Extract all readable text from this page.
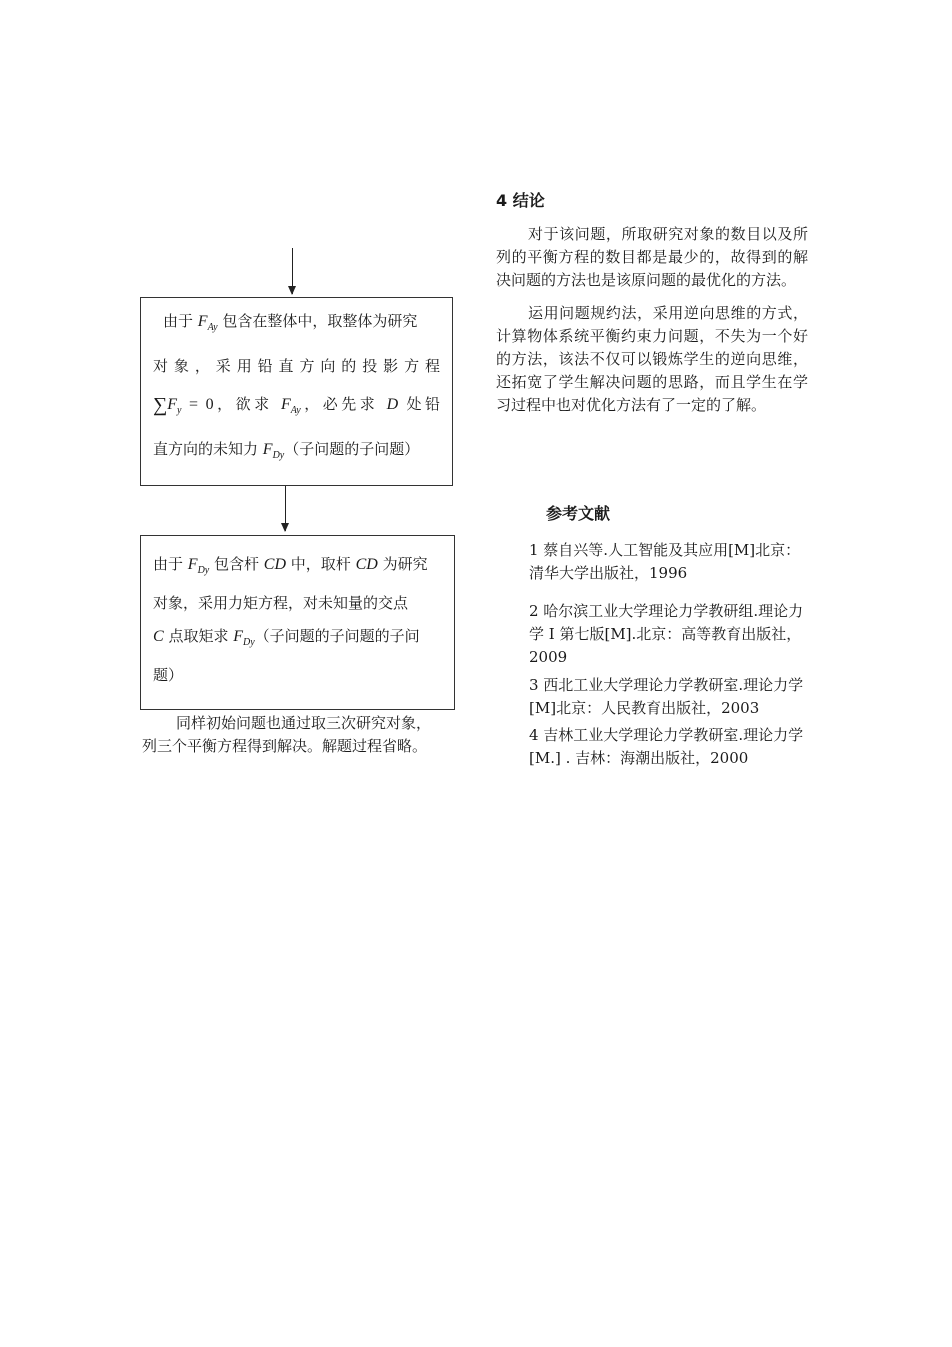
由于 $F_{Ay}$ 包含在整体中，取整体为研究

对象，采用铅直方向的投影方程

$\sum F_y = 0$，欲求 $F_{Ay}$，必先求 D 处铅

直方向的未知力 $F_{Dy}$（子问题的子问题）

由于 $F_{Dy}$ 包含杆 CD 中，取杆 CD 为研究

对象，采用力矩方程，对未知量的交点

C 点取矩求 $F_{Dy}$（子问题的子问题的子问

题）

同样初始问题也通过取三次研究对象，
列三个平衡方程得到解决。解题过程省略。
4 结论

对于该问题，所取研究对象的数目以及所列的平衡方程的数目都是最少的，故得到的解决问题的方法也是该原问题的最优化的方法。

运用问题规约法，采用逆向思维的方式，计算物体系统平衡约束力问题，不失为一个好的方法，该法不仅可以锻炼学生的逆向思维，还拓宽了学生解决问题的思路，而且学生在学习过程中也对优化方法有了一定的了解。

参考文献
1 蔡自兴等.人工智能及其应用[M]北京：清华大学出版社，1996
2 哈尔滨工业大学理论力学教研组.理论力学 I 第七版[M].北京：高等教育出版社，2009
3 西北工业大学理论力学教研室.理论力学[M]北京：人民教育出版社，2003
4 吉林工业大学理论力学教研室.理论力学[M.] . 吉林：海潮出版社，2000
